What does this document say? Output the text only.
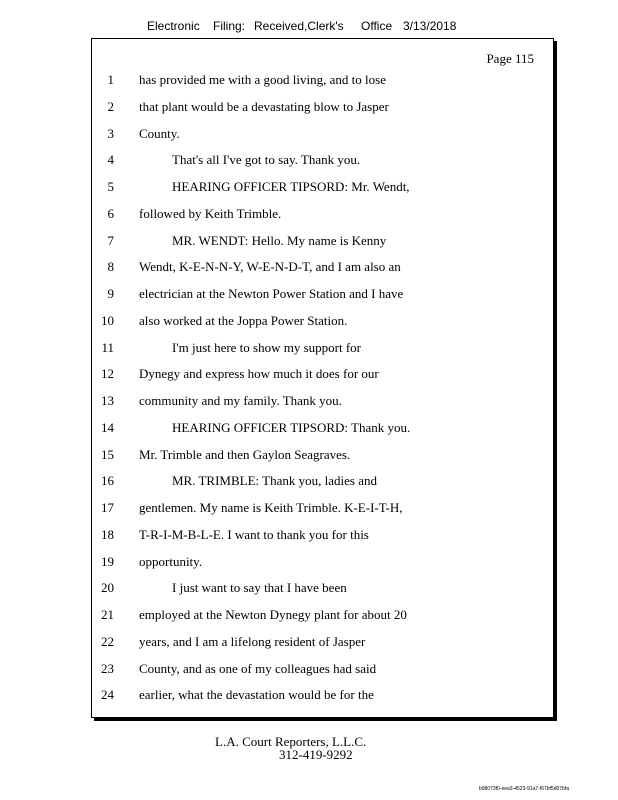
Electronic Filing: Received,Clerk's Office 3/13/2018
Page 115
1 has provided me with a good living, and to lose
2 that plant would be a devastating blow to Jasper
3 County.
4	That's all I've got to say. Thank you.
5	HEARING OFFICER TIPSORD: Mr. Wendt,
6 followed by Keith Trimble.
7	MR. WENDT: Hello. My name is Kenny
8 Wendt, K-E-N-N-Y, W-E-N-D-T, and I am also an
9 electrician at the Newton Power Station and I have
10 also worked at the Joppa Power Station.
11	I'm just here to show my support for
12 Dynegy and express how much it does for our
13 community and my family. Thank you.
14	HEARING OFFICER TIPSORD: Thank you.
15 Mr. Trimble and then Gaylon Seagraves.
16	MR. TRIMBLE: Thank you, ladies and
17 gentlemen. My name is Keith Trimble. K-E-I-T-H,
18 T-R-I-M-B-L-E. I want to thank you for this
19 opportunity.
20	I just want to say that I have been
21 employed at the Newton Dynegy plant for about 20
22 years, and I am a lifelong resident of Jasper
23 County, and as one of my colleagues had said
24 earlier, what the devastation would be for the
L.A. Court Reporters, L.L.C.
312-419-9292
b98073f0-eea3-4523-91a7-f67bf5d07bfa
